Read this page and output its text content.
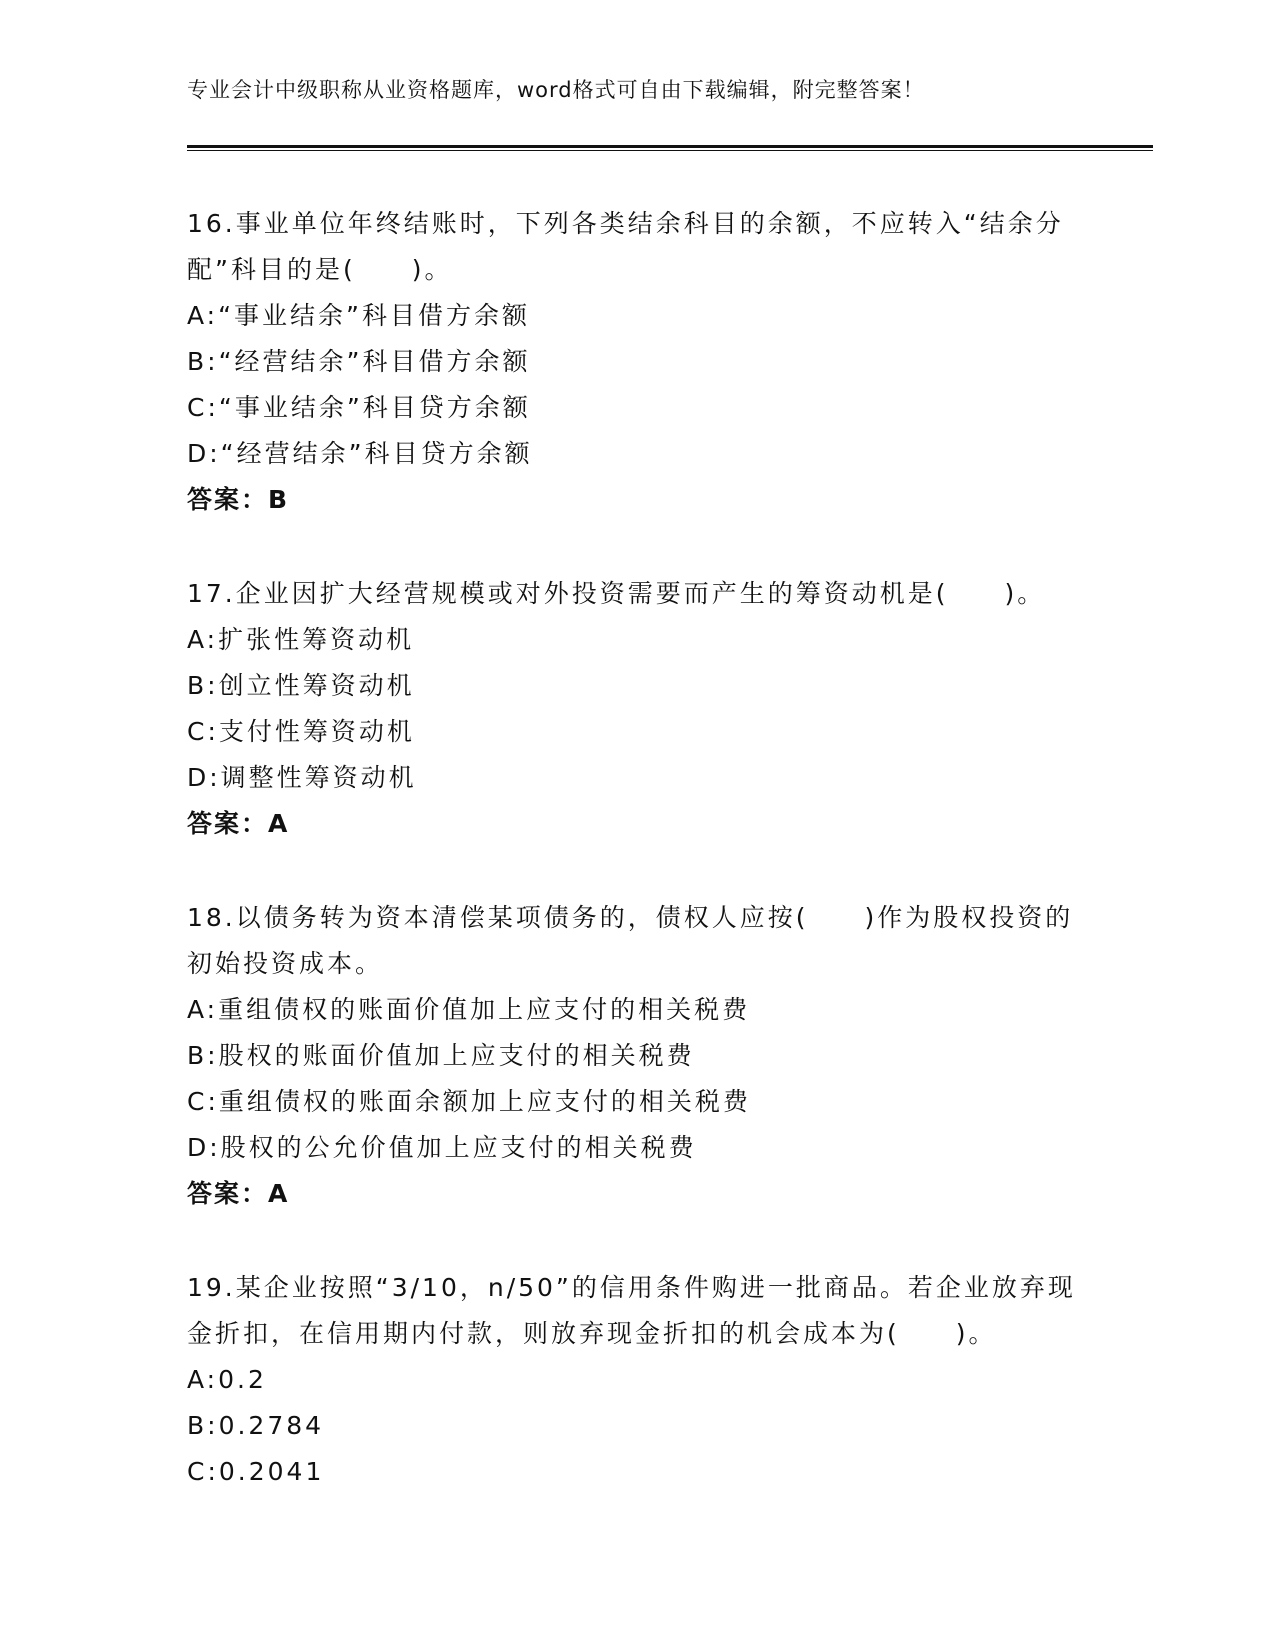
专业会计中级职称从业资格题库，word格式可自由下载编辑，附完整答案！

16.事业单位年终结账时，下列各类结余科目的余额，不应转入“结余分配”科目的是(　　)。

A:“事业结余”科目借方余额
B:“经营结余”科目借方余额
C:“事业结余”科目贷方余额
D:“经营结余”科目贷方余额
答案：B

17.企业因扩大经营规模或对外投资需要而产生的筹资动机是(　　)。

A:扩张性筹资动机
B:创立性筹资动机
C:支付性筹资动机
D:调整性筹资动机
答案：A

18.以债务转为资本清偿某项债务的，债权人应按(　　)作为股权投资的初始投资成本。

A:重组债权的账面价值加上应支付的相关税费
B:股权的账面价值加上应支付的相关税费
C:重组债权的账面余额加上应支付的相关税费
D:股权的公允价值加上应支付的相关税费
答案：A

19.某企业按照“3/10，n/50”的信用条件购进一批商品。若企业放弃现金折扣，在信用期内付款，则放弃现金折扣的机会成本为(　　)。

A:0.2
B:0.2784
C:0.2041
